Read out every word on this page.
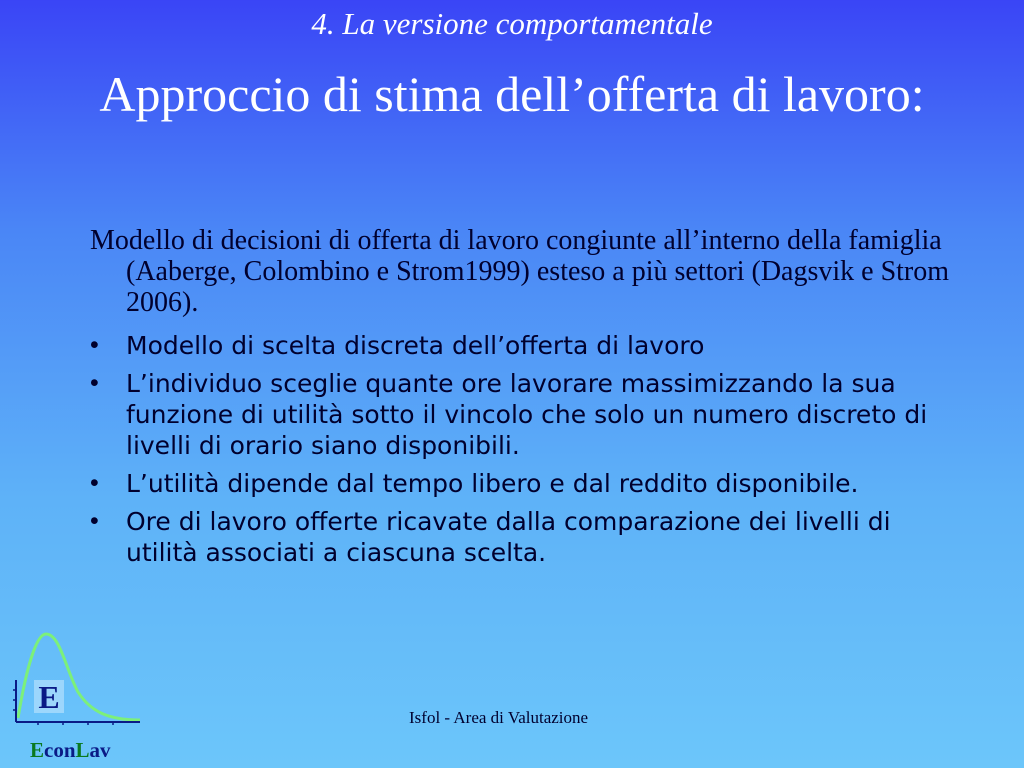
4. La versione comportamentale
Approccio di stima dell’offerta di lavoro:
Modello di decisioni di offerta di lavoro congiunte all’interno della famiglia (Aaberge, Colombino e Strom1999) esteso a più settori (Dagsvik e Strom 2006).
• Modello di scelta discreta dell’offerta di lavoro
• L’individuo sceglie quante ore lavorare massimizzando la sua funzione di utilità sotto il vincolo che solo un numero discreto di livelli di orario siano disponibili.
• L’utilità dipende dal tempo libero e dal reddito disponibile.
• Ore di lavoro offerte ricavate dalla comparazione dei livelli di utilità associati a ciascuna scelta.
Isfol - Area di Valutazione
E
EconLav
